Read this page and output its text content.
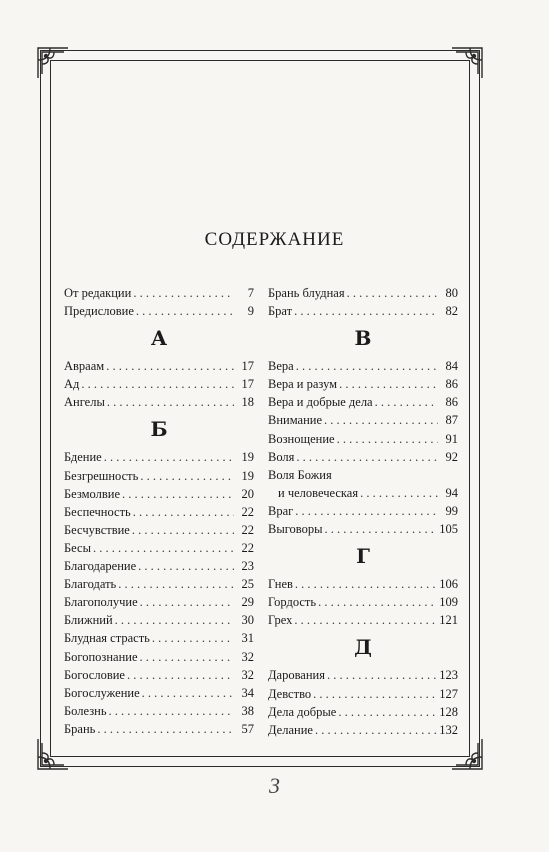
СОДЕРЖАНИЕ
От редакции . . .	7
Предисловие . . .	9
А
Авраам . . .	17
Ад . . .	17
Ангелы . . .	18
Б
Бдение . . .	19
Безгрешность . . .	19
Безмолвие . . .	20
Беспечность . . .	22
Бесчувствие . . .	22
Бесы . . .	22
Благодарение . . .	23
Благодать . . .	25
Благополучие . . .	29
Ближний . . .	30
Блудная страсть . . .	31
Богопознание . . .	32
Богословие . . .	32
Богослужение . . .	34
Болезнь . . .	38
Брань . . .	57
Брань блудная . . .	80
Брат . . .	82
В
Вера . . .	84
Вера и разум . . .	86
Вера и добрые дела . . .	86
Внимание . . .	87
Вознощение . . .	91
Воля . . .	92
Воля Божия
и человеческая . . .	94
Враг . . .	99
Выговоры . . .	105
Г
Гнев . . .	106
Гордость . . .	109
Грех . . .	121
Д
Дарования . . .	123
Девство . . .	127
Дела добрые . . .	128
Делание . . .	132
3
